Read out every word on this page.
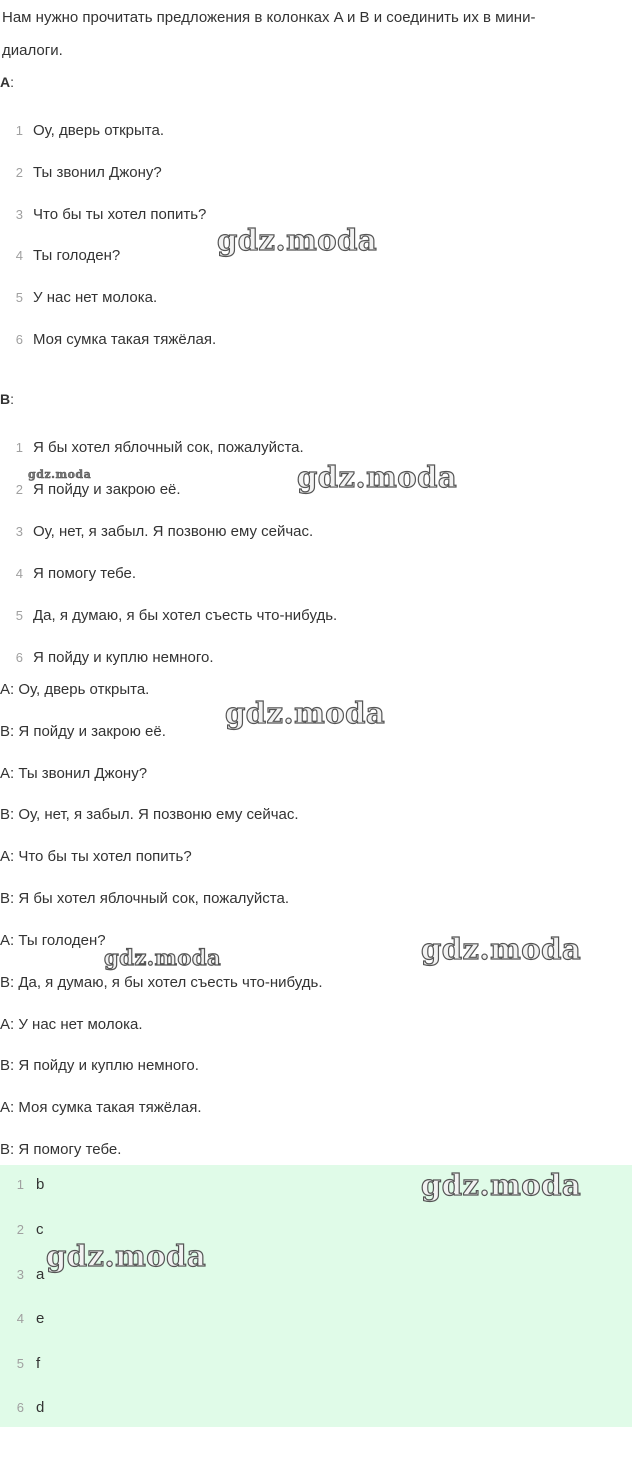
Нам нужно прочитать предложения в колонках A и B и соединить их в мини-
диалоги.
A:
1 Оу, дверь открыта.
2 Ты звонил Джону?
3 Что бы ты хотел попить?
4 Ты голоден?
5 У нас нет молока.
6 Моя сумка такая тяжёлая.
B:
1 Я бы хотел яблочный сок, пожалуйста.
2 Я пойду и закрою её.
3 Оу, нет, я забыл. Я позвоню ему сейчас.
4 Я помогу тебе.
5 Да, я думаю, я бы хотел съесть что-нибудь.
6 Я пойду и куплю немного.
A: Оу, дверь открыта.
B: Я пойду и закрою её.
A: Ты звонил Джону?
B: Оу, нет, я забыл. Я позвоню ему сейчас.
A: Что бы ты хотел попить?
B: Я бы хотел яблочный сок, пожалуйста.
A: Ты голоден?
B: Да, я думаю, я бы хотел съесть что-нибудь.
A: У нас нет молока.
B: Я пойду и куплю немного.
A: Моя сумка такая тяжёлая.
B: Я помогу тебе.
1 b
2 c
3 a
4 e
5 f
6 d
gdz.moda
gdz.moda	gdz.moda
gdz.moda
gdz.moda	gdz.moda
gdz.moda
gdz.moda
